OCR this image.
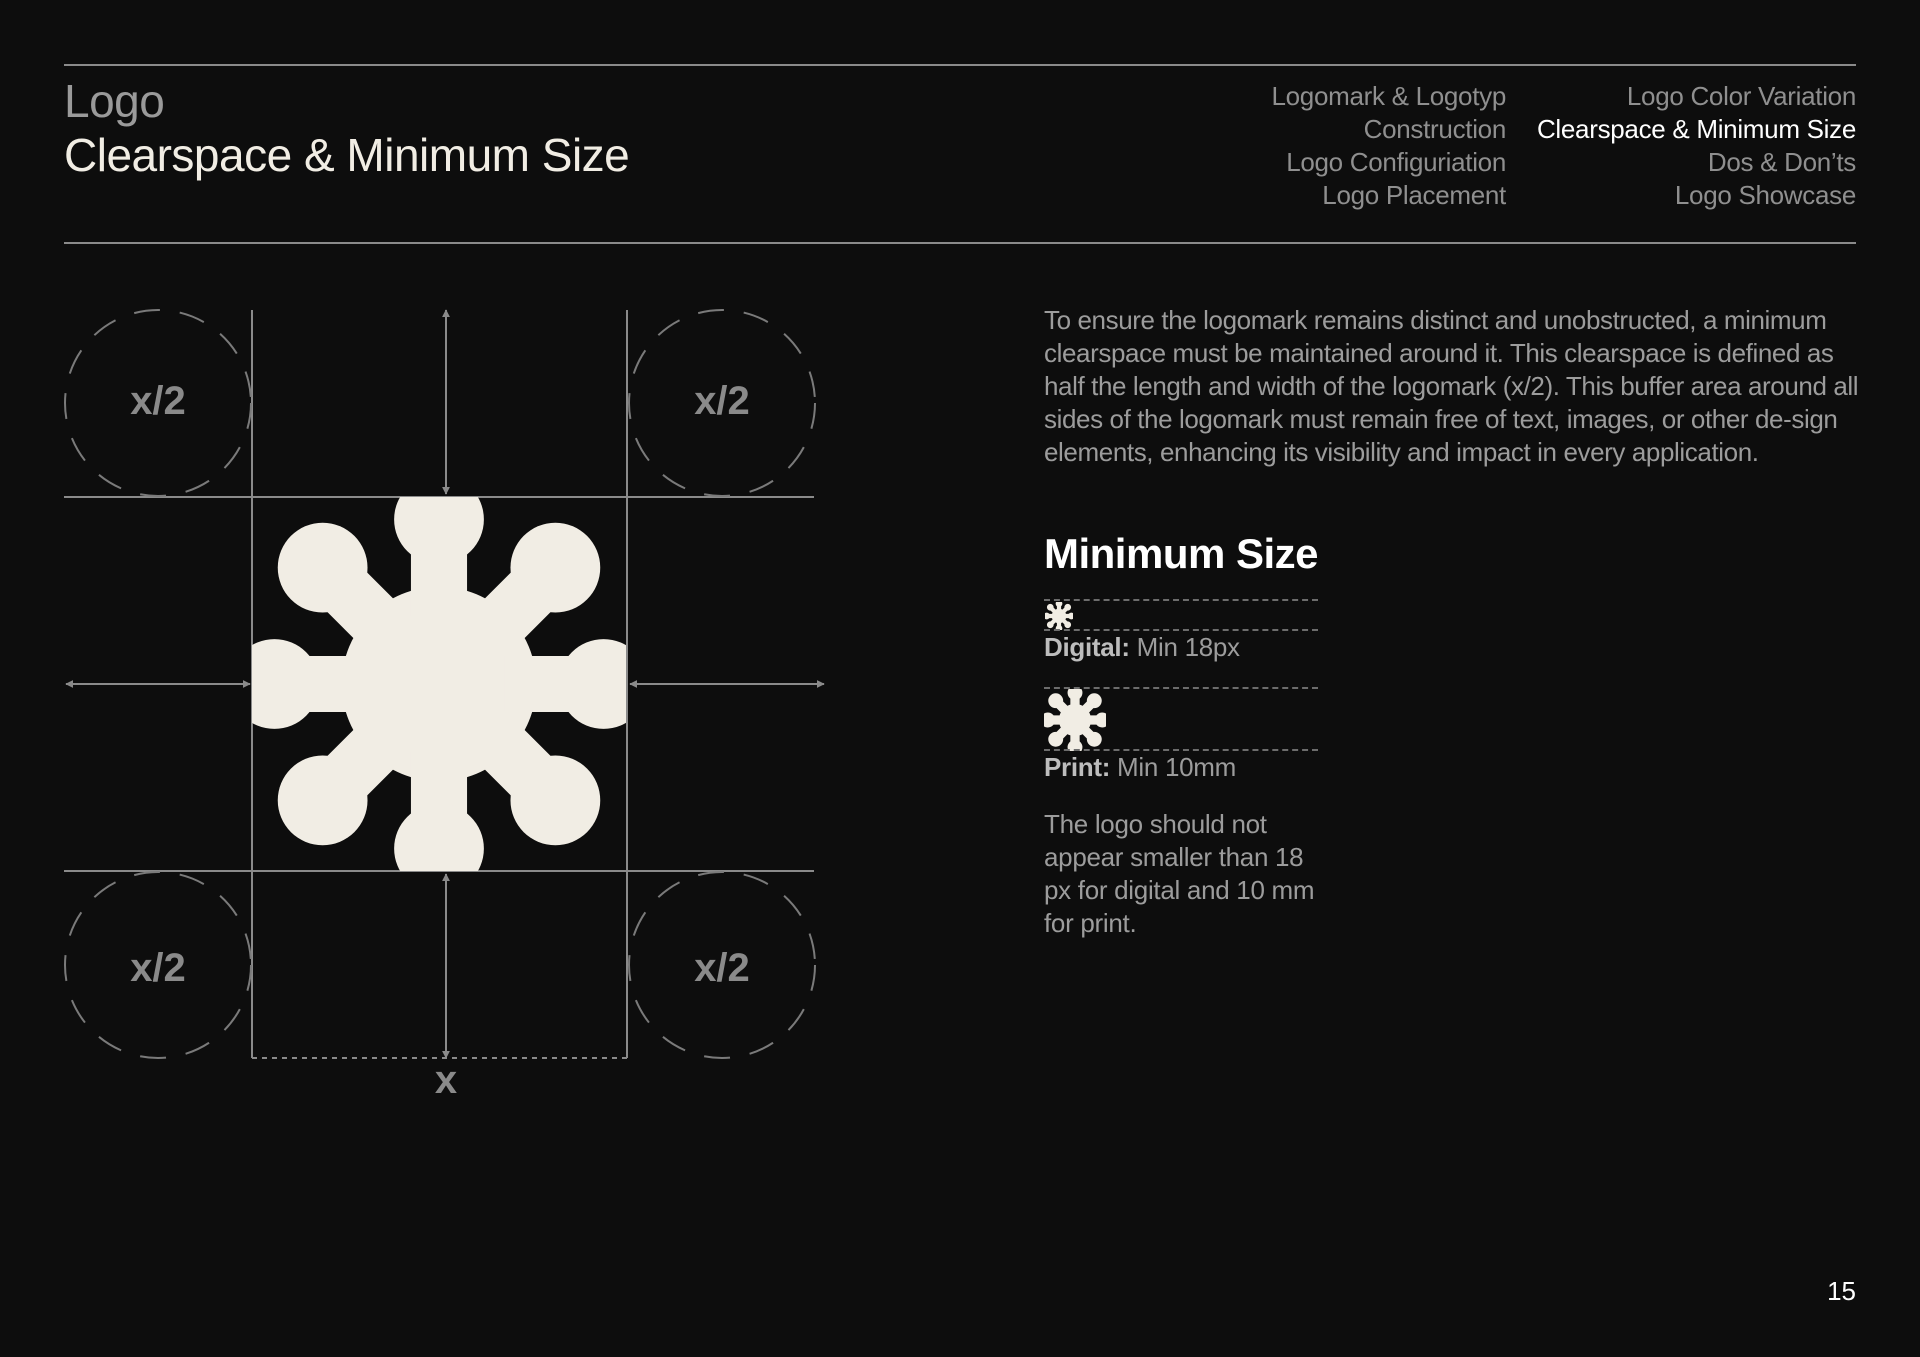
Logo
Clearspace & Minimum Size
Logomark & Logotyp
Construction
Logo Configuriation
Logo Placement
Logo Color Variation
Clearspace & Minimum Size
Dos & Don’ts
Logo Showcase
x/2	x/2
x/2	x/2
x
To ensure the logomark remains distinct and unobstructed, a minimum clearspace must be maintained around it. This clearspace is defined as half the length and width of the logomark (x/2). This buffer area around all sides of the logomark must remain free of text, images, or other de-sign elements, enhancing its visibility and impact in every application.
Minimum Size
Digital: Min 18px
Print: Min 10mm
The logo should not appear smaller than 18 px for digital and 10 mm for print.
15
